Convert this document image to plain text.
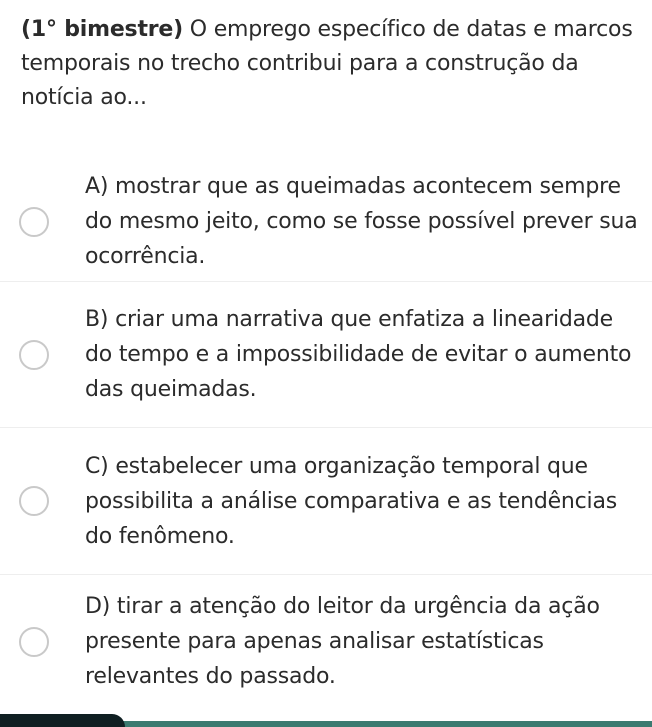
(1° bimestre) O emprego específico de datas e marcos temporais no trecho contribui para a construção da notícia ao...
A) mostrar que as queimadas acontecem sempre do mesmo jeito, como se fosse possível prever sua ocorrência.
B) criar uma narrativa que enfatiza a linearidade do tempo e a impossibilidade de evitar o aumento das queimadas.
C) estabelecer uma organização temporal que possibilita a análise comparativa e as tendências do fenômeno.
D) tirar a atenção do leitor da urgência da ação presente para apenas analisar estatísticas relevantes do passado.
